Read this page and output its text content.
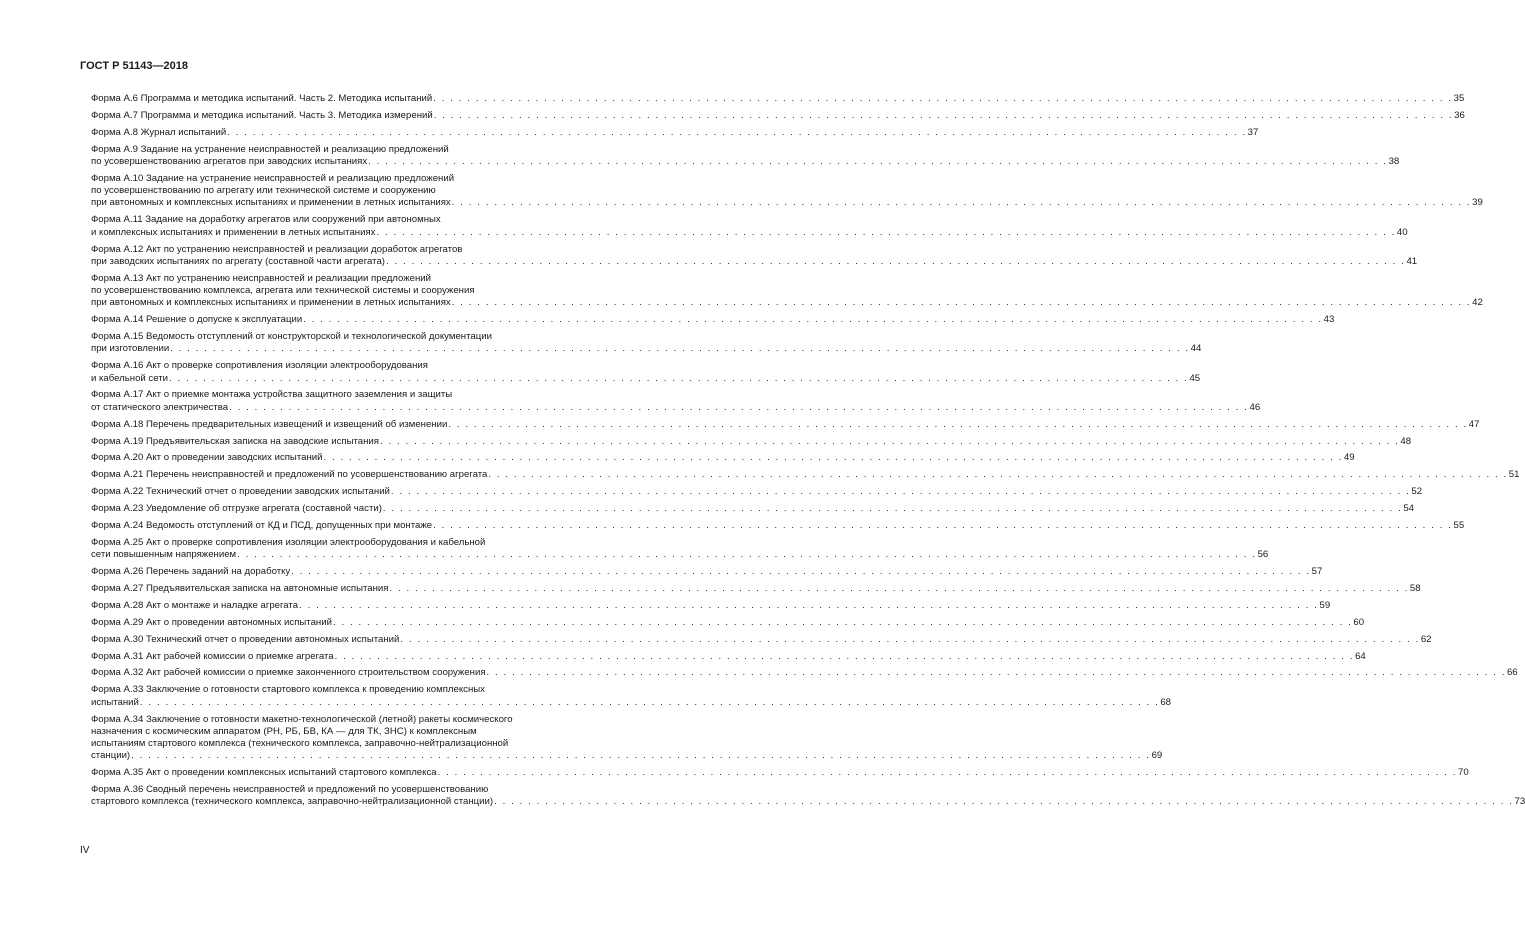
ГОСТ Р 51143—2018
Форма А.6 Программа и методика испытаний. Часть 2. Методика испытаний . . . . . . . . . . . . . . . . . . . . . . . . . . . . . . . . . . . . . . . . . . . . . . . . . . . . . . . . . . . . . . . . . . . . . . . . . . . . . . . . . . . . . . . . . . . . . . . . . . . . . . . . . . . . . . . . . . . . . . . . 35
Форма А.7 Программа и методика испытаний. Часть 3. Методика измерений . . . . . . . . . . . . . . . . . . . . . . . . . . . . . . . . . . . . . . . . . . . . . . . . . . . . . . . . . . . . . . . . . . . . . . . . . . . . . . . . . . . . . . . . . . . . . . . . . . . . . . . . . . . . . . . . . . . . . . . . 36
Форма А.8 Журнал испытаний . . . . . . . . . . . . . . . . . . . . . . . . . . . . . . . . . . . . . . . . . . . . . . . . . . . . . . . . . . . . . . . . . . . . . . . . . . . . . . . . . . . . . . . . . . . . . . . . . . . . . . . . . . . . . . . . . . . . . . . . 37
Форма А.9 Задание на устранение неисправностей и реализацию предложений
по усовершенствованию агрегатов при заводских испытаниях . . . . . . . . . . . . . . . . . . . . . . . . . . . . . . . . . . . . . . . . . . . . . . . . . . . . . . . . . . . . . . . . . . . . . . . . . . . . . . . . . . . . . . . . . . . . . . . . . . . . . . . . . . . . . . . . . . . . . . . . 38
Форма А.10 Задание на устранение неисправностей и реализацию предложений
по усовершенствованию по агрегату или технической системе и сооружению
при автономных и комплексных испытаниях и применении в летных испытаниях . . . . . . . . . . . . . . . . . . . . . . . . . . . . . . . . . . . . . . . . . . . . . . . . . . . . . . . . . . . . . . . . . . . . . . . . . . . . . . . . . . . . . . . . . . . . . . . . . . . . . . . . . . . . . . . . . . . . . . . . 39
Форма А.11 Задание на доработку агрегатов или сооружений при автономных
и комплексных испытаниях и применении в летных испытаниях . . . . . . . . . . . . . . . . . . . . . . . . . . . . . . . . . . . . . . . . . . . . . . . . . . . . . . . . . . . . . . . . . . . . . . . . . . . . . . . . . . . . . . . . . . . . . . . . . . . . . . . . . . . . . . . . . . . . . . . . 40
Форма А.12 Акт по устранению неисправностей и реализации доработок агрегатов
при заводских испытаниях по агрегату (составной части агрегата) . . . . . . . . . . . . . . . . . . . . . . . . . . . . . . . . . . . . . . . . . . . . . . . . . . . . . . . . . . . . . . . . . . . . . . . . . . . . . . . . . . . . . . . . . . . . . . . . . . . . . . . . . . . . . . . . . . . . . . . . 41
Форма А.13 Акт по устранению неисправностей и реализации предложений
по усовершенствованию комплекса, агрегата или технической системы и сооружения
при автономных и комплексных испытаниях и применении в летных испытаниях . . . . . . . . . . . . . . . . . . . . . . . . . . . . . . . . . . . . . . . . . . . . . . . . . . . . . . . . . . . . . . . . . . . . . . . . . . . . . . . . . . . . . . . . . . . . . . . . . . . . . . . . . . . . . . . . . . . . . . . . 42
Форма А.14 Решение о допуске к эксплуатации . . . . . . . . . . . . . . . . . . . . . . . . . . . . . . . . . . . . . . . . . . . . . . . . . . . . . . . . . . . . . . . . . . . . . . . . . . . . . . . . . . . . . . . . . . . . . . . . . . . . . . . . . . . . . . . . . . . . . . . . 43
Форма А.15 Ведомость отступлений от конструкторской и технологической документации
при изготовлении . . . . . . . . . . . . . . . . . . . . . . . . . . . . . . . . . . . . . . . . . . . . . . . . . . . . . . . . . . . . . . . . . . . . . . . . . . . . . . . . . . . . . . . . . . . . . . . . . . . . . . . . . . . . . . . . . . . . . . . . 44
Форма А.16 Акт о проверке сопротивления изоляции электрооборудования
и кабельной сети . . . . . . . . . . . . . . . . . . . . . . . . . . . . . . . . . . . . . . . . . . . . . . . . . . . . . . . . . . . . . . . . . . . . . . . . . . . . . . . . . . . . . . . . . . . . . . . . . . . . . . . . . . . . . . . . . . . . . . . . 45
Форма А.17 Акт о приемке монтажа устройства защитного заземления и защиты
от статического электричества . . . . . . . . . . . . . . . . . . . . . . . . . . . . . . . . . . . . . . . . . . . . . . . . . . . . . . . . . . . . . . . . . . . . . . . . . . . . . . . . . . . . . . . . . . . . . . . . . . . . . . . . . . . . . . . . . . . . . . . . 46
Форма А.18 Перечень предварительных извещений и извещений об изменении . . . . . . . . . . . . . . . . . . . . . . . . . . . . . . . . . . . . . . . . . . . . . . . . . . . . . . . . . . . . . . . . . . . . . . . . . . . . . . . . . . . . . . . . . . . . . . . . . . . . . . . . . . . . . . . . . . . . . . . . 47
Форма А.19 Предъявительская записка на заводские испытания . . . . . . . . . . . . . . . . . . . . . . . . . . . . . . . . . . . . . . . . . . . . . . . . . . . . . . . . . . . . . . . . . . . . . . . . . . . . . . . . . . . . . . . . . . . . . . . . . . . . . . . . . . . . . . . . . . . . . . . . 48
Форма А.20 Акт о проведении заводских испытаний . . . . . . . . . . . . . . . . . . . . . . . . . . . . . . . . . . . . . . . . . . . . . . . . . . . . . . . . . . . . . . . . . . . . . . . . . . . . . . . . . . . . . . . . . . . . . . . . . . . . . . . . . . . . . . . . . . . . . . . . 49
Форма А.21 Перечень неисправностей и предложений по усовершенствованию агрегата . . . . . . . . . . . . . . . . . . . . . . . . . . . . . . . . . . . . . . . . . . . . . . . . . . . . . . . . . . . . . . . . . . . . . . . . . . . . . . . . . . . . . . . . . . . . . . . . . . . . . . . . . . . . . . . . . . . . . . . . 51
Форма А.22 Технический отчет о проведении заводских испытаний . . . . . . . . . . . . . . . . . . . . . . . . . . . . . . . . . . . . . . . . . . . . . . . . . . . . . . . . . . . . . . . . . . . . . . . . . . . . . . . . . . . . . . . . . . . . . . . . . . . . . . . . . . . . . . . . . . . . . . . . 52
Форма А.23 Уведомление об отгрузке агрегата (составной части) . . . . . . . . . . . . . . . . . . . . . . . . . . . . . . . . . . . . . . . . . . . . . . . . . . . . . . . . . . . . . . . . . . . . . . . . . . . . . . . . . . . . . . . . . . . . . . . . . . . . . . . . . . . . . . . . . . . . . . . . 54
Форма А.24 Ведомость отступлений от КД и ПСД, допущенных при монтаже . . . . . . . . . . . . . . . . . . . . . . . . . . . . . . . . . . . . . . . . . . . . . . . . . . . . . . . . . . . . . . . . . . . . . . . . . . . . . . . . . . . . . . . . . . . . . . . . . . . . . . . . . . . . . . . . . . . . . . . . 55
Форма А.25 Акт о проверке сопротивления изоляции электрооборудования и кабельной
сети повышенным напряжением . . . . . . . . . . . . . . . . . . . . . . . . . . . . . . . . . . . . . . . . . . . . . . . . . . . . . . . . . . . . . . . . . . . . . . . . . . . . . . . . . . . . . . . . . . . . . . . . . . . . . . . . . . . . . . . . . . . . . . . . 56
Форма А.26 Перечень заданий на доработку . . . . . . . . . . . . . . . . . . . . . . . . . . . . . . . . . . . . . . . . . . . . . . . . . . . . . . . . . . . . . . . . . . . . . . . . . . . . . . . . . . . . . . . . . . . . . . . . . . . . . . . . . . . . . . . . . . . . . . . . 57
Форма А.27 Предъявительская записка на автономные испытания . . . . . . . . . . . . . . . . . . . . . . . . . . . . . . . . . . . . . . . . . . . . . . . . . . . . . . . . . . . . . . . . . . . . . . . . . . . . . . . . . . . . . . . . . . . . . . . . . . . . . . . . . . . . . . . . . . . . . . . . 58
Форма А.28 Акт о монтаже и наладке агрегата . . . . . . . . . . . . . . . . . . . . . . . . . . . . . . . . . . . . . . . . . . . . . . . . . . . . . . . . . . . . . . . . . . . . . . . . . . . . . . . . . . . . . . . . . . . . . . . . . . . . . . . . . . . . . . . . . . . . . . . . 59
Форма А.29 Акт о проведении автономных испытаний . . . . . . . . . . . . . . . . . . . . . . . . . . . . . . . . . . . . . . . . . . . . . . . . . . . . . . . . . . . . . . . . . . . . . . . . . . . . . . . . . . . . . . . . . . . . . . . . . . . . . . . . . . . . . . . . . . . . . . . . 60
Форма А.30 Технический отчет о проведении автономных испытаний . . . . . . . . . . . . . . . . . . . . . . . . . . . . . . . . . . . . . . . . . . . . . . . . . . . . . . . . . . . . . . . . . . . . . . . . . . . . . . . . . . . . . . . . . . . . . . . . . . . . . . . . . . . . . . . . . . . . . . . . 62
Форма А.31 Акт рабочей комиссии о приемке агрегата . . . . . . . . . . . . . . . . . . . . . . . . . . . . . . . . . . . . . . . . . . . . . . . . . . . . . . . . . . . . . . . . . . . . . . . . . . . . . . . . . . . . . . . . . . . . . . . . . . . . . . . . . . . . . . . . . . . . . . . . 64
Форма А.32 Акт рабочей комиссии о приемке законченного строительством сооружения . . . . . . . . . . . . . . . . . . . . . . . . . . . . . . . . . . . . . . . . . . . . . . . . . . . . . . . . . . . . . . . . . . . . . . . . . . . . . . . . . . . . . . . . . . . . . . . . . . . . . . . . . . . . . . . . . . . . . . . . 66
Форма А.33 Заключение о готовности стартового комплекса к проведению комплексных
испытаний . . . . . . . . . . . . . . . . . . . . . . . . . . . . . . . . . . . . . . . . . . . . . . . . . . . . . . . . . . . . . . . . . . . . . . . . . . . . . . . . . . . . . . . . . . . . . . . . . . . . . . . . . . . . . . . . . . . . . . . . 68
Форма А.34 Заключение о готовности макетно-технологической (летной) ракеты космического
назначения с космическим аппаратом (РН, РБ, БВ, КА — для ТК, ЗНС) к комплексным
испытаниям стартового комплекса (технического комплекса, заправочно-нейтрализационной
станции) . . . . . . . . . . . . . . . . . . . . . . . . . . . . . . . . . . . . . . . . . . . . . . . . . . . . . . . . . . . . . . . . . . . . . . . . . . . . . . . . . . . . . . . . . . . . . . . . . . . . . . . . . . . . . . . . . . . . . . . . 69
Форма А.35 Акт о проведении комплексных испытаний стартового комплекса . . . . . . . . . . . . . . . . . . . . . . . . . . . . . . . . . . . . . . . . . . . . . . . . . . . . . . . . . . . . . . . . . . . . . . . . . . . . . . . . . . . . . . . . . . . . . . . . . . . . . . . . . . . . . . . . . . . . . . . . 70
Форма А.36 Сводный перечень неисправностей и предложений по усовершенствованию
стартового комплекса (технического комплекса, заправочно-нейтрализационной станции) . . . . . . . . . . . . . . . . . . . . . . . . . . . . . . . . . . . . . . . . . . . . . . . . . . . . . . . . . . . . . . . . . . . . . . . . . . . . . . . . . . . . . . . . . . . . . . . . . . . . . . . . . . . . . . . . . . . . . . . . 73
IV
